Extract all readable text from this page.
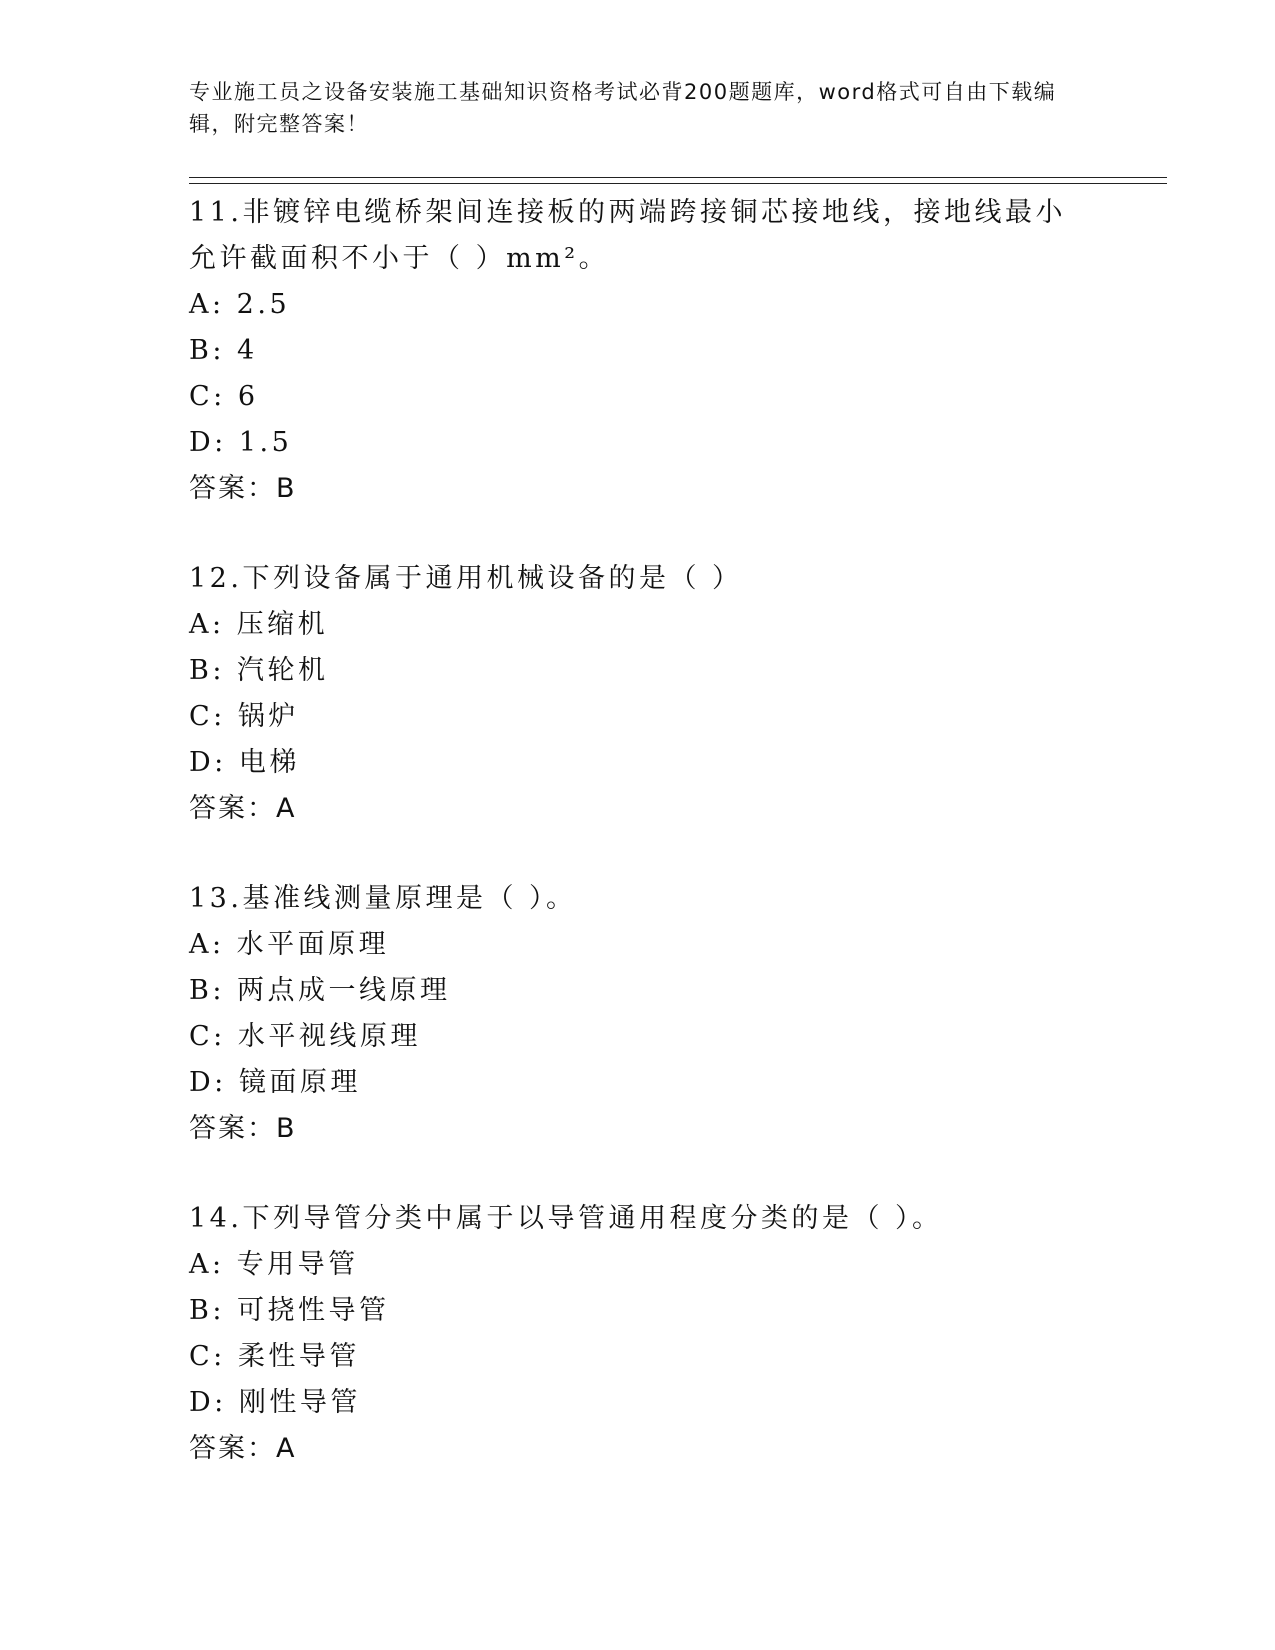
专业施工员之设备安装施工基础知识资格考试必背200题题库，word格式可自由下载编辑，附完整答案！
11.非镀锌电缆桥架间连接板的两端跨接铜芯接地线，接地线最小允许截面积不小于（ ）mm²。
A: 2.5
B: 4
C: 6
D: 1.5
答案：B
12.下列设备属于通用机械设备的是（ ）
A: 压缩机
B: 汽轮机
C: 锅炉
D: 电梯
答案：A
13.基准线测量原理是（ ）。
A: 水平面原理
B: 两点成一线原理
C: 水平视线原理
D: 镜面原理
答案：B
14.下列导管分类中属于以导管通用程度分类的是（ ）。
A: 专用导管
B: 可挠性导管
C: 柔性导管
D: 刚性导管
答案：A
